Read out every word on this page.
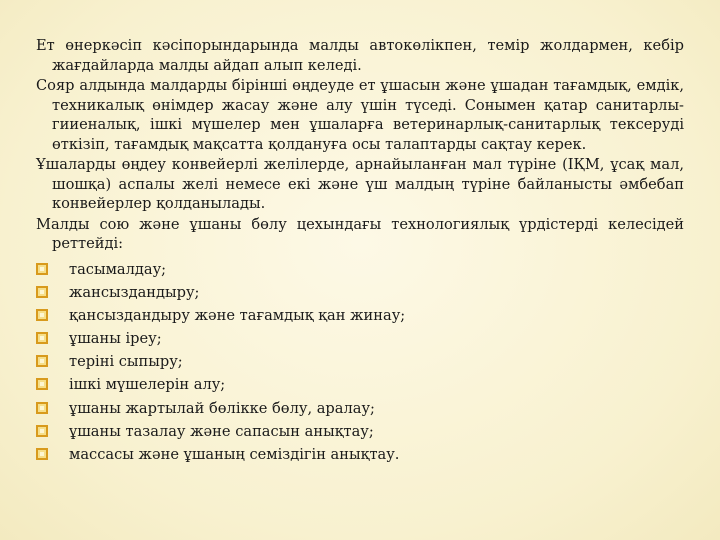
Ет өнеркәсіп кәсіпорындарында малды автокөлікпен, темір жолдармен, кебір жағдайларда малды айдап алып келеді.

Сояр алдында малдарды бірінші өңдеуде ет ұшасын және ұшадан тағамдық, емдік, техникалық өнімдер жасау және алу үшін түседі. Сонымен қатар санитарлы-гииеналық, ішкі мүшелер мен ұшаларға ветеринарлық-санитарлық тексеруді өткізіп, тағамдық мақсатта қолдануға осы талаптарды сақтау керек.

Ұшаларды өңдеу конвейерлі желілерде, арнайыланған мал түріне (ІҚМ, ұсақ мал, шошқа) аспалы желі немесе екі және үш малдың түріне байланысты әмбебап конвейерлер қолданылады.

Малды сою және ұшаны бөлу цехындағы технологиялық үрдістерді келесідей реттейді:

тасымалдау;
жансыздандыру;
қансыздандыру және тағамдық қан жинау;
ұшаны іреу;
теріні сыпыру;
ішкі мүшелерін алу;
ұшаны жартылай бөлікке бөлу, аралау;
ұшаны тазалау және сапасын анықтау;
массасы және ұшаның семіздігін анықтау.
